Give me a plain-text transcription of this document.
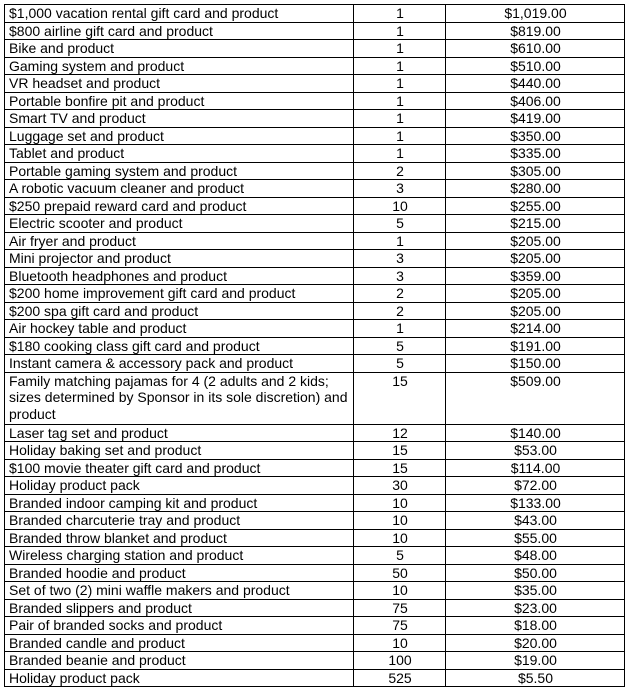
$1,000 vacation rental gift card and product	1	$1,019.00
$800 airline gift card and product	1	$819.00
Bike and product	1	$610.00
Gaming system and product	1	$510.00
VR headset and product	1	$440.00
Portable bonfire pit and product	1	$406.00
Smart TV and product	1	$419.00
Luggage set and product	1	$350.00
Tablet and product	1	$335.00
Portable gaming system and product	2	$305.00
A robotic vacuum cleaner and product	3	$280.00
$250 prepaid reward card and product	10	$255.00
Electric scooter and product	5	$215.00
Air fryer and product	1	$205.00
Mini projector and product	3	$205.00
Bluetooth headphones and product	3	$359.00
$200 home improvement gift card and product	2	$205.00
$200 spa gift card and product	2	$205.00
Air hockey table and product	1	$214.00
$180 cooking class gift card and product	5	$191.00
Instant camera & accessory pack and product	5	$150.00
Family matching pajamas for 4 (2 adults and 2 kids; sizes determined by Sponsor in its sole discretion) and product	15	$509.00
Laser tag set and product	12	$140.00
Holiday baking set and product	15	$53.00
$100 movie theater gift card and product	15	$114.00
Holiday product pack	30	$72.00
Branded indoor camping kit and product	10	$133.00
Branded charcuterie tray and product	10	$43.00
Branded throw blanket and product	10	$55.00
Wireless charging station and product	5	$48.00
Branded hoodie and product	50	$50.00
Set of two (2) mini waffle makers and product	10	$35.00
Branded slippers and product	75	$23.00
Pair of branded socks and product	75	$18.00
Branded candle and product	10	$20.00
Branded beanie and product	100	$19.00
Holiday product pack	525	$5.50
